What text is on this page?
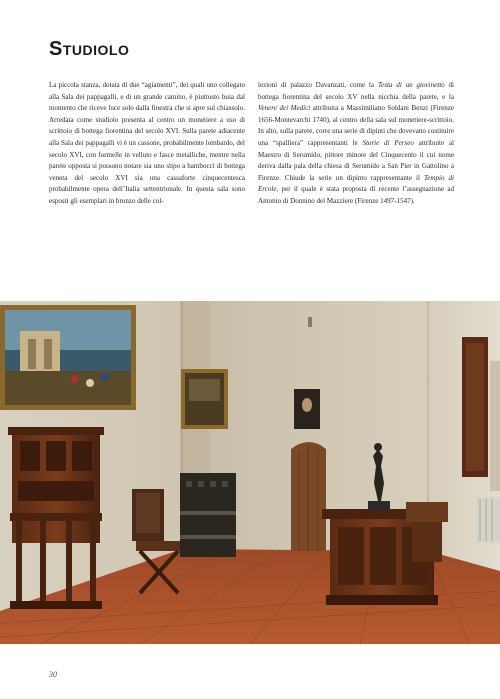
Studiolo

La piccola stanza, dotata di due “agiamenti”, dei quali uno collegato alla Sala dei pappagalli, e di un grande camino, è piuttosto buia dal momento che riceve luce solo dalla finestra che si apre sul chiassolo. Arredata come studiolo presenta al centro un monetiere a uso di scrittoio di bottega fiorentina del secolo XVI. Sulla parete adiacente alla Sala dei pappagalli vi è un cassone, probabilmente lombardo, del secolo XVI, con formelle in velluto e fasce metalliche, mentre nella parete opposta si possono notare sia uno stipo a bambocci di bottega veneta del secolo XVI sia una cassaforte cinquecentesca probabilmente opera dell’Italia settentrionale. In questa sala sono esposti gli esemplari in bronzo delle col-

lezioni di palazzo Davanzati, come la Testa di un giovinetto di bottega fiorentina del secolo XV nella nicchia della parete, e la Venere dei Medici attribuita a Massimiliano Soldani Benzi (Firenze 1656-Montevarchi 1740), al centro della sala sul monetiere-scrittoio. In alto, sulla parete, corre una serie di dipinti che dovevano costituire una “spalliera” rappresentanti le Storie di Perseo attribuite al Maestro di Serumido, pittore minore del Cinquecento il cui nome deriva dalla pala della chiesa di Serumido a San Pier in Gattolino a Firenze. Chiude la serie un dipinto rappresentante il Tempio di Ercole, per il quale è stata proposta di recente l’assegnazione ad Antonio di Donnino del Mazziere (Firenze 1497-1547).

30
